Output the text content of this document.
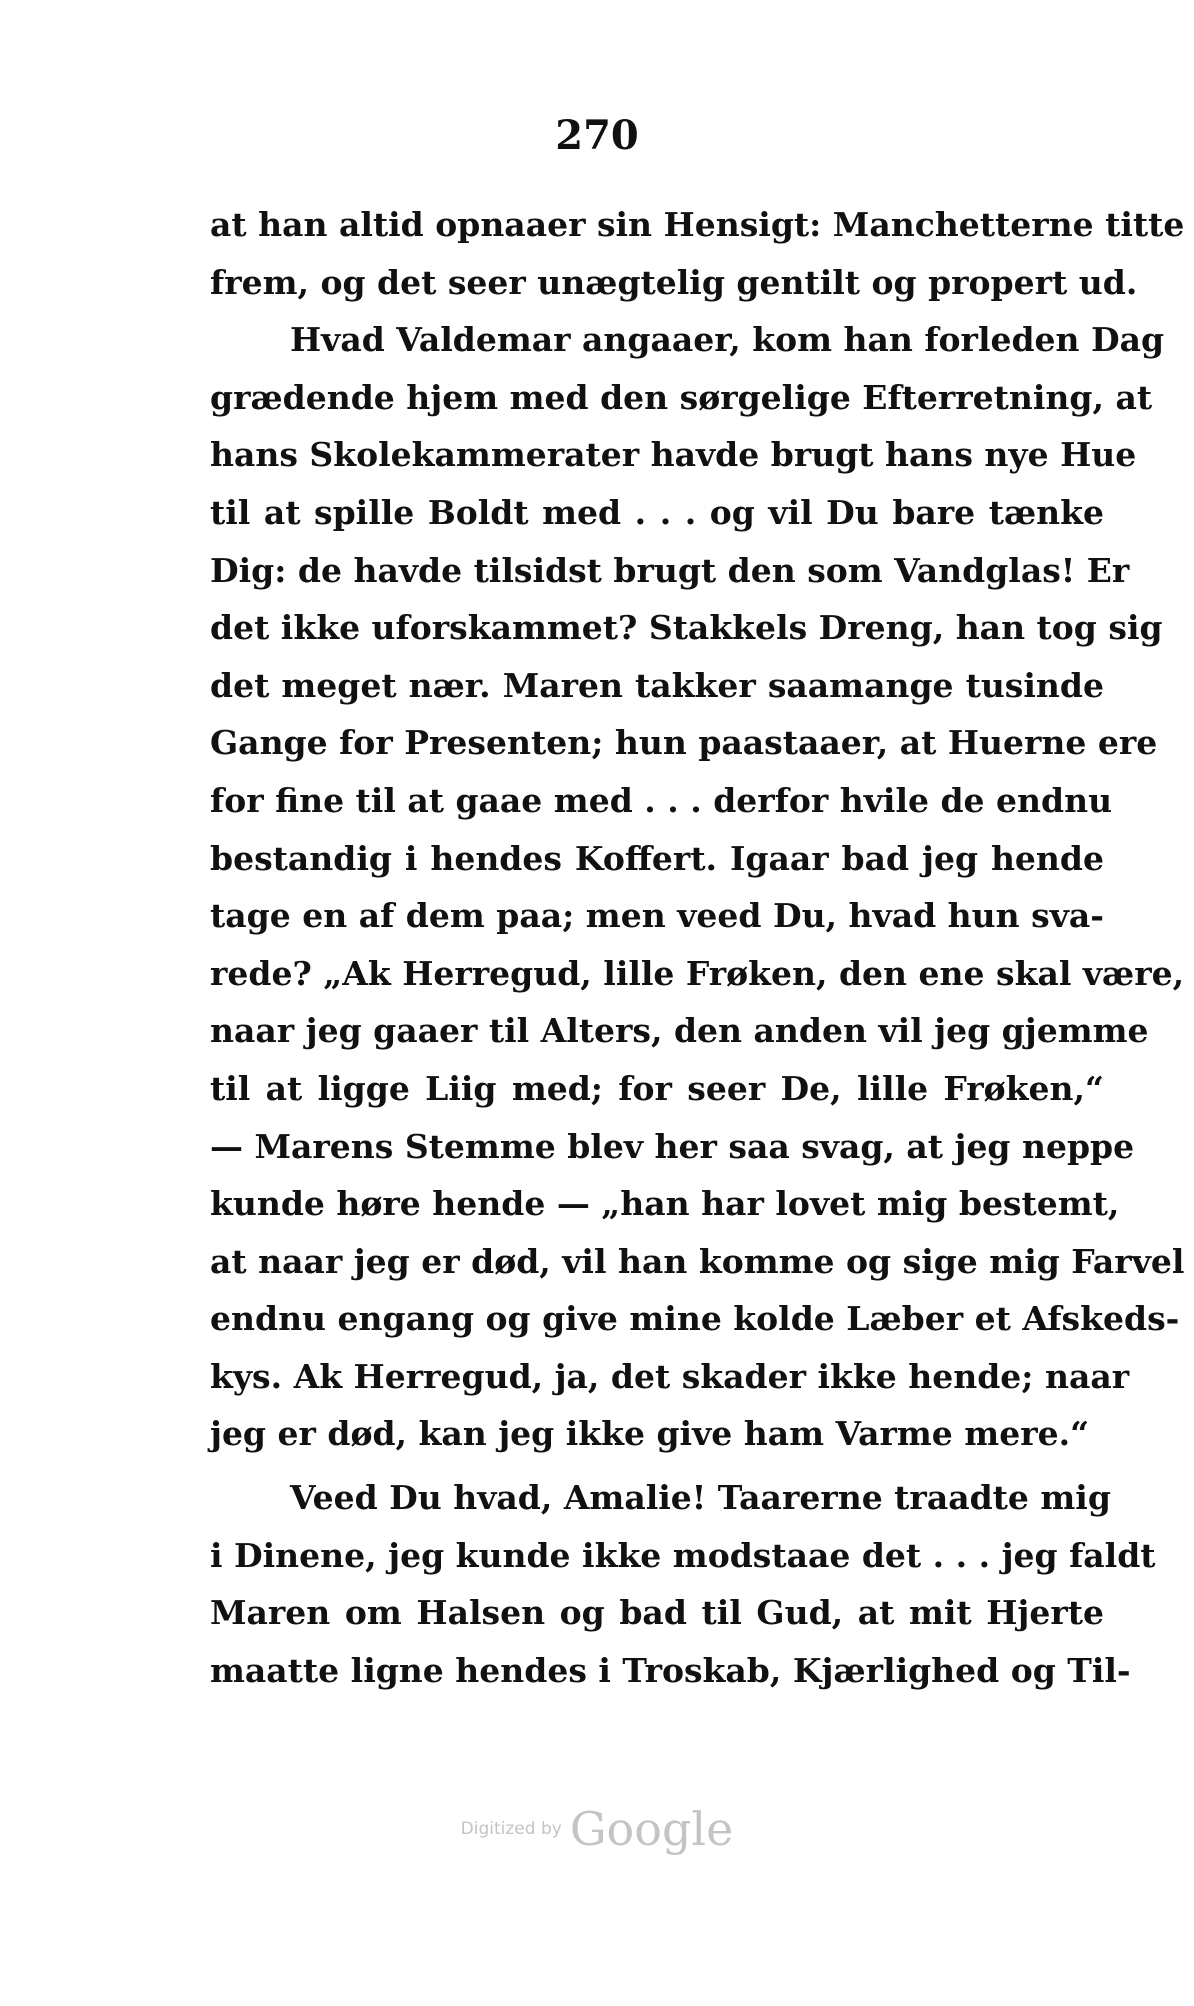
270
at han altid opnaaer sin Hensigt: Manchetterne titte
frem, og det seer unægtelig gentilt og propert ud.
Hvad Valdemar angaaer, kom han forleden Dag
grædende hjem med den sørgelige Efterretning, at
hans Skolekammerater havde brugt hans nye Hue
til at spille Boldt med . . . og vil Du bare tænke
Dig: de havde tilsidst brugt den som Vandglas! Er
det ikke uforskammet? Stakkels Dreng, han tog sig
det meget nær. Maren takker saamange tusinde
Gange for Presenten; hun paastaaer, at Huerne ere
for fine til at gaae med . . . derfor hvile de endnu
bestandig i hendes Koffert. Igaar bad jeg hende
tage en af dem paa; men veed Du, hvad hun sva-
rede? „Ak Herregud, lille Frøken, den ene skal være,
naar jeg gaaer til Alters, den anden vil jeg gjemme
til at ligge Liig med; for seer De, lille Frøken,“
— Marens Stemme blev her saa svag, at jeg neppe
kunde høre hende — „han har lovet mig bestemt,
at naar jeg er død, vil han komme og sige mig Farvel
endnu engang og give mine kolde Læber et Afskeds-
kys. Ak Herregud, ja, det skader ikke hende; naar
jeg er død, kan jeg ikke give ham Varme mere.“
Veed Du hvad, Amalie! Taarerne traadte mig
i Dinene, jeg kunde ikke modstaae det . . . jeg faldt
Maren om Halsen og bad til Gud, at mit Hjerte
maatte ligne hendes i Troskab, Kjærlighed og Til-
Digitized by Google
